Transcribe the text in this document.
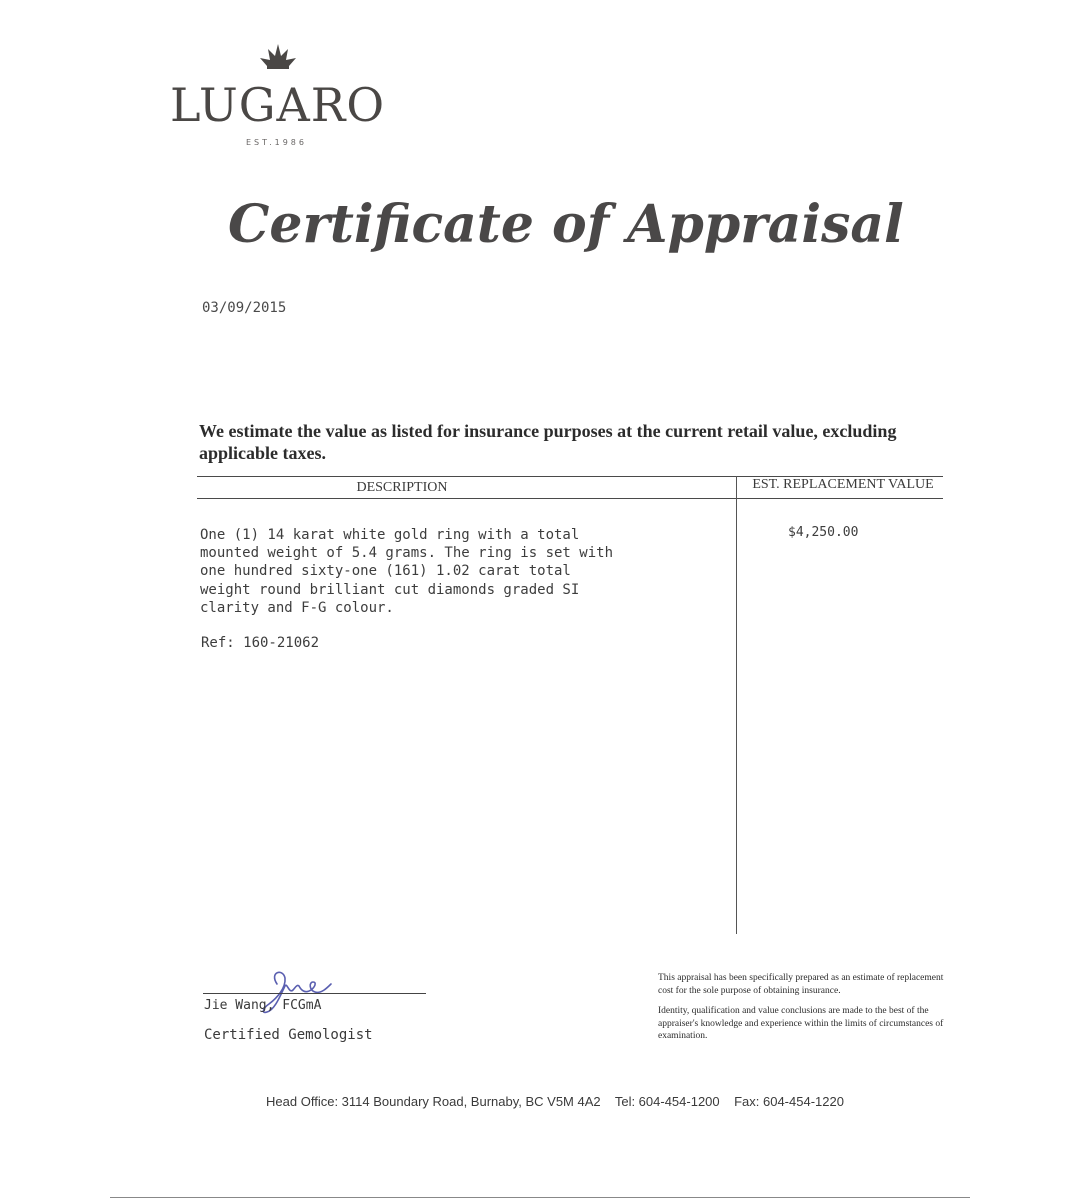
LUGARO
EST.1986
Certificate of Appraisal
03/09/2015
We estimate the value as listed for insurance purposes at the current retail value, excluding applicable taxes.
DESCRIPTION	EST. REPLACEMENT VALUE

One (1) 14 karat white gold ring with a total

mounted weight of 5.4 grams. The ring is set with

one hundred sixty-one (161) 1.02 carat total

weight round brilliant cut diamonds graded SI

clarity and F-G colour.

Ref: 160-21062
$4,250.00
Jie Wang, FCGmA
Certified Gemologist

This appraisal has been specifically prepared as an estimate of replacement cost for the sole purpose of obtaining insurance.

Identity, qualification and value conclusions are made to the best of the appraiser's knowledge and experience within the limits of circumstances of examination.

Head Office: 3114 Boundary Road, Burnaby, BC V5M 4A2    Tel: 604-454-1200    Fax: 604-454-1220
